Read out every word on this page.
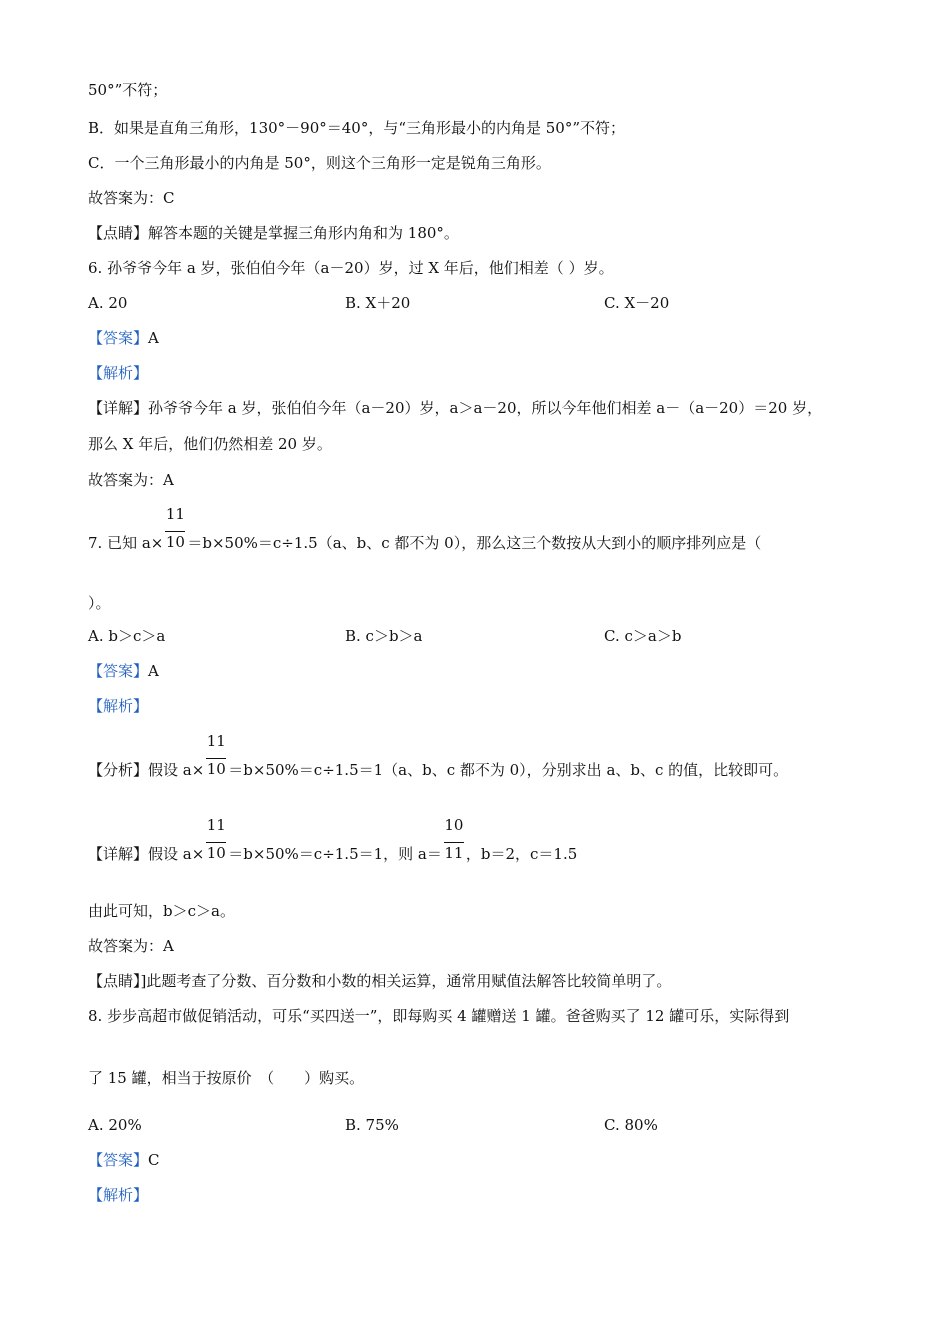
50°”不符；
B．如果是直角三角形，130°－90°＝40°，与“三角形最小的内角是 50°”不符；
C．一个三角形最小的内角是 50°，则这个三角形一定是锐角三角形。
故答案为：C
【点睛】解答本题的关键是掌握三角形内角和为 180°。
6. 孙爷爷今年 a 岁，张伯伯今年（a－20）岁，过 X 年后，他们相差（ ）岁。
A. 20	B. X＋20	C. X－20
【答案】A
【解析】
【详解】孙爷爷今年 a 岁，张伯伯今年（a－20）岁，a＞a－20，所以今年他们相差 a－（a－20）＝20 岁，
那么 X 年后，他们仍然相差 20 岁。
故答案为：A
7. 已知 a×
11
10 ＝b×50%＝c÷1.5（a、b、c 都不为 0），那么这三个数按从大到小的顺序排列应是（
）。
A. b＞c＞a	B. c＞b＞a	C. c＞a＞b
【答案】A
【解析】
【分析】假设 a×
11
10 ＝b×50%＝c÷1.5＝1（a、b、c 都不为 0），分别求出 a、b、c 的值，比较即可。
【详解】假设 a×
11
10 ＝b×50%＝c÷1.5＝1，则 a＝
10
11 ，b＝2，c＝1.5
由此可知，b＞c＞a。
故答案为：A
【点睛】]此题考查了分数、百分数和小数的相关运算，通常用赋值法解答比较简单明了。
8. 步步高超市做促销活动，可乐“买四送一”，即每购买 4 罐赠送 1 罐。爸爸购买了 12 罐可乐，实际得到
了 15 罐，相当于按原价　（　　）购买。
A. 20%	B. 75%	C. 80%
【答案】C
【解析】
